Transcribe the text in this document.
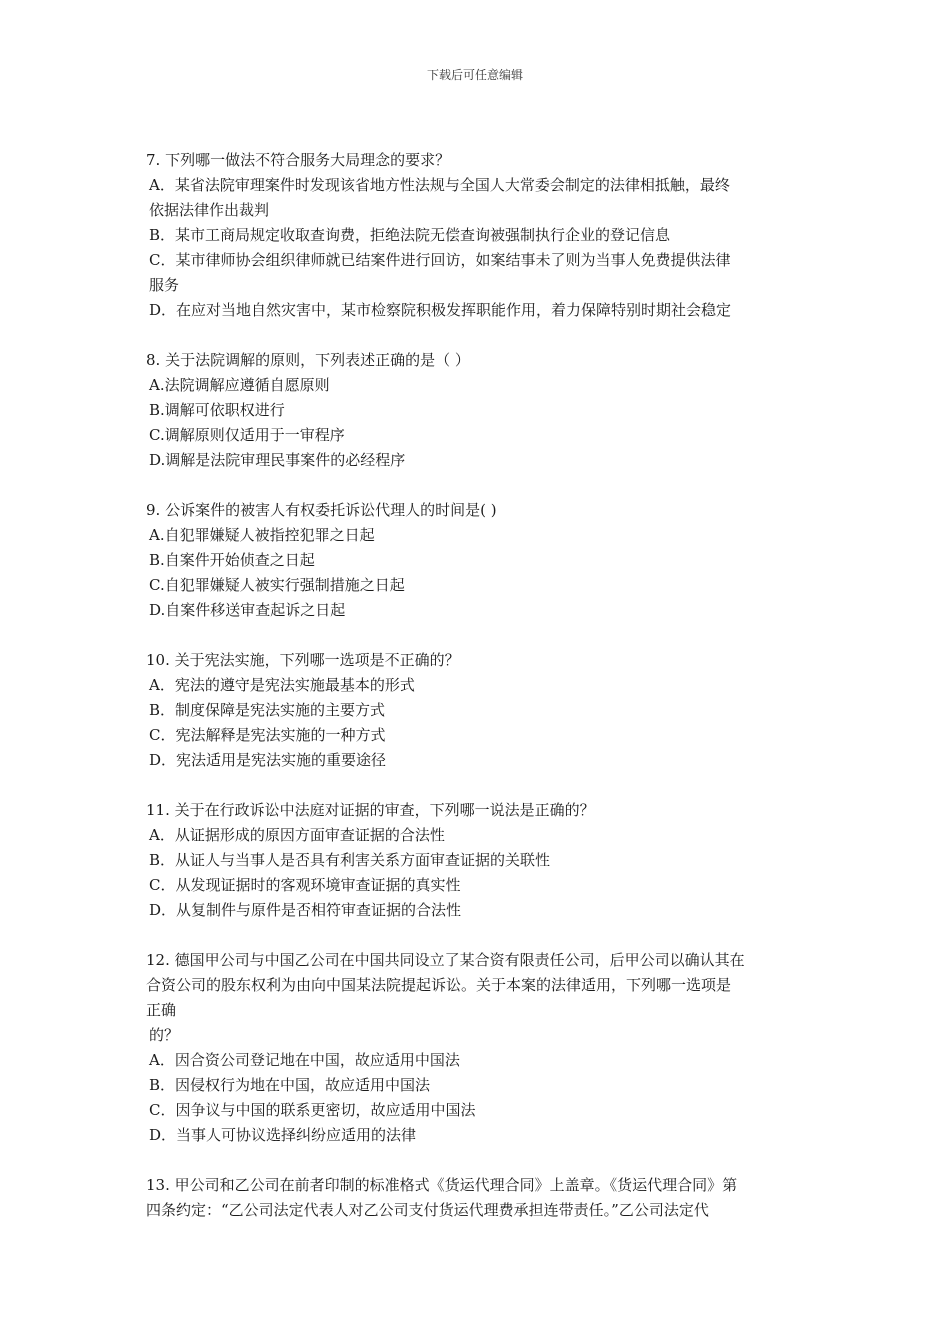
下载后可任意编辑
7. 下列哪一做法不符合服务大局理念的要求？
A．某省法院审理案件时发现该省地方性法规与全国人大常委会制定的法律相抵触，最终
依据法律作出裁判
B．某市工商局规定收取查询费，拒绝法院无偿查询被强制执行企业的登记信息
C．某市律师协会组织律师就已结案件进行回访，如案结事未了则为当事人免费提供法律
服务
D．在应对当地自然灾害中，某市检察院积极发挥职能作用，着力保障特别时期社会稳定
8. 关于法院调解的原则，下列表述正确的是（ ）
A.法院调解应遵循自愿原则
B.调解可依职权进行
C.调解原则仅适用于一审程序
D.调解是法院审理民事案件的必经程序
9. 公诉案件的被害人有权委托诉讼代理人的时间是( )
A.自犯罪嫌疑人被指控犯罪之日起
B.自案件开始侦查之日起
C.自犯罪嫌疑人被实行强制措施之日起
D.自案件移送审查起诉之日起
10. 关于宪法实施，下列哪一选项是不正确的？
A．宪法的遵守是宪法实施最基本的形式
B．制度保障是宪法实施的主要方式
C．宪法解释是宪法实施的一种方式
D．宪法适用是宪法实施的重要途径
11. 关于在行政诉讼中法庭对证据的审查，下列哪一说法是正确的？
A．从证据形成的原因方面审查证据的合法性
B．从证人与当事人是否具有利害关系方面审查证据的关联性
C．从发现证据时的客观环境审查证据的真实性
D．从复制件与原件是否相符审查证据的合法性
12. 德国甲公司与中国乙公司在中国共同设立了某合资有限责任公司，后甲公司以确认其在
合资公司的股东权利为由向中国某法院提起诉讼。关于本案的法律适用，下列哪一选项是
正确
的？
A．因合资公司登记地在中国，故应适用中国法
B．因侵权行为地在中国，故应适用中国法
C．因争议与中国的联系更密切，故应适用中国法
D．当事人可协议选择纠纷应适用的法律
13. 甲公司和乙公司在前者印制的标准格式《货运代理合同》上盖章。《货运代理合同》第
四条约定：“乙公司法定代表人对乙公司支付货运代理费承担连带责任。”乙公司法定代
